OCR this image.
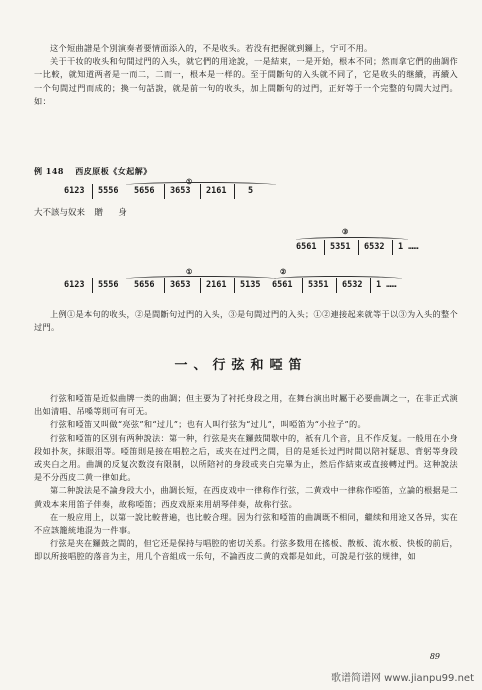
这个短曲譜是个別演奏者要情面添入的，不是收头。若没有把握就到鑼上，宁可不用。

关于干妆的收头和句間过門的入头，就它們的用途說，一是結束，一是开始，根本不同；然而拿它們的曲調作一比較，就知道两者是一而二，二而一，根本是一样的。至于間斷句的入头就不同了，它是收头的继續，再續入一个句間过門而成的；換一句話說，就是前一句的收头，加上間斷句的过門，正好等于一个完整的句間大过門。如：

例 148 西皮原板《女起解》
①
6123 5556 5656 3653 2161	5
大不該与奴来 贈 身
③
6561 5351 6532 1 ……
①	②
6123 5556 5656 3653 2161 5135 6561 5351 6532 1 ……

上例①是本句的收头，②是間斷句过門的入头，③是句間过門的入头；①②連接起来就等于以③为入头的整个过門。

一、行弦和啞笛

行弦和啞笛是近似曲牌一类的曲調；但主要为了衬托身段之用，在舞台演出时屬于必要曲調之一，在非正式演出如清唱、吊嗓等則可有可无。

行弦和啞笛又叫做“亮弦”和“过儿”；也有人叫行弦为“过儿”，叫啞笛为“小拉子”的。

行弦和啞笛的区別有两种說法：第一种，行弦是夹在鑼鼓間歇中的，祇有几个音，且不作反复。一般用在小身段如扑灰，抹眼泪等。啞笛則是接在唱腔之后，或夹在过門之間，目的是延长过門时間以陪衬疑思、背躬等身段或夹白之用。曲調的反复次数沒有限制，以所陪衬的身段或夹白完畢为止，然后作結束或直接轉过門。这种說法是不分西皮二黄一律如此。

第二种說法是不論身段大小，曲調长短，在西皮戏中一律称作行弦，二黄戏中一律称作啞笛，立論的根据是二黄戏本来用笛子伴奏，故称啞笛；西皮戏原来用胡琴伴奏，故称行弦。

在一般应用上，以第一說比較普遍，也比較合理。因为行弦和啞笛的曲調既不相同，繼续和用途又各异，实在不应該籠統地混为一件事。

行弦是夹在鑼鼓之間的，但它还是保持与唱腔的密切关系。行弦多数用在搖板、散板、流水板、快板的前后，即以所接唱腔的落音为主，用几个音組成一乐句，不論西皮二黄的戏都是如此，可說是行弦的规律，如

89
歌谱简谱网 www.jianpu99.net
